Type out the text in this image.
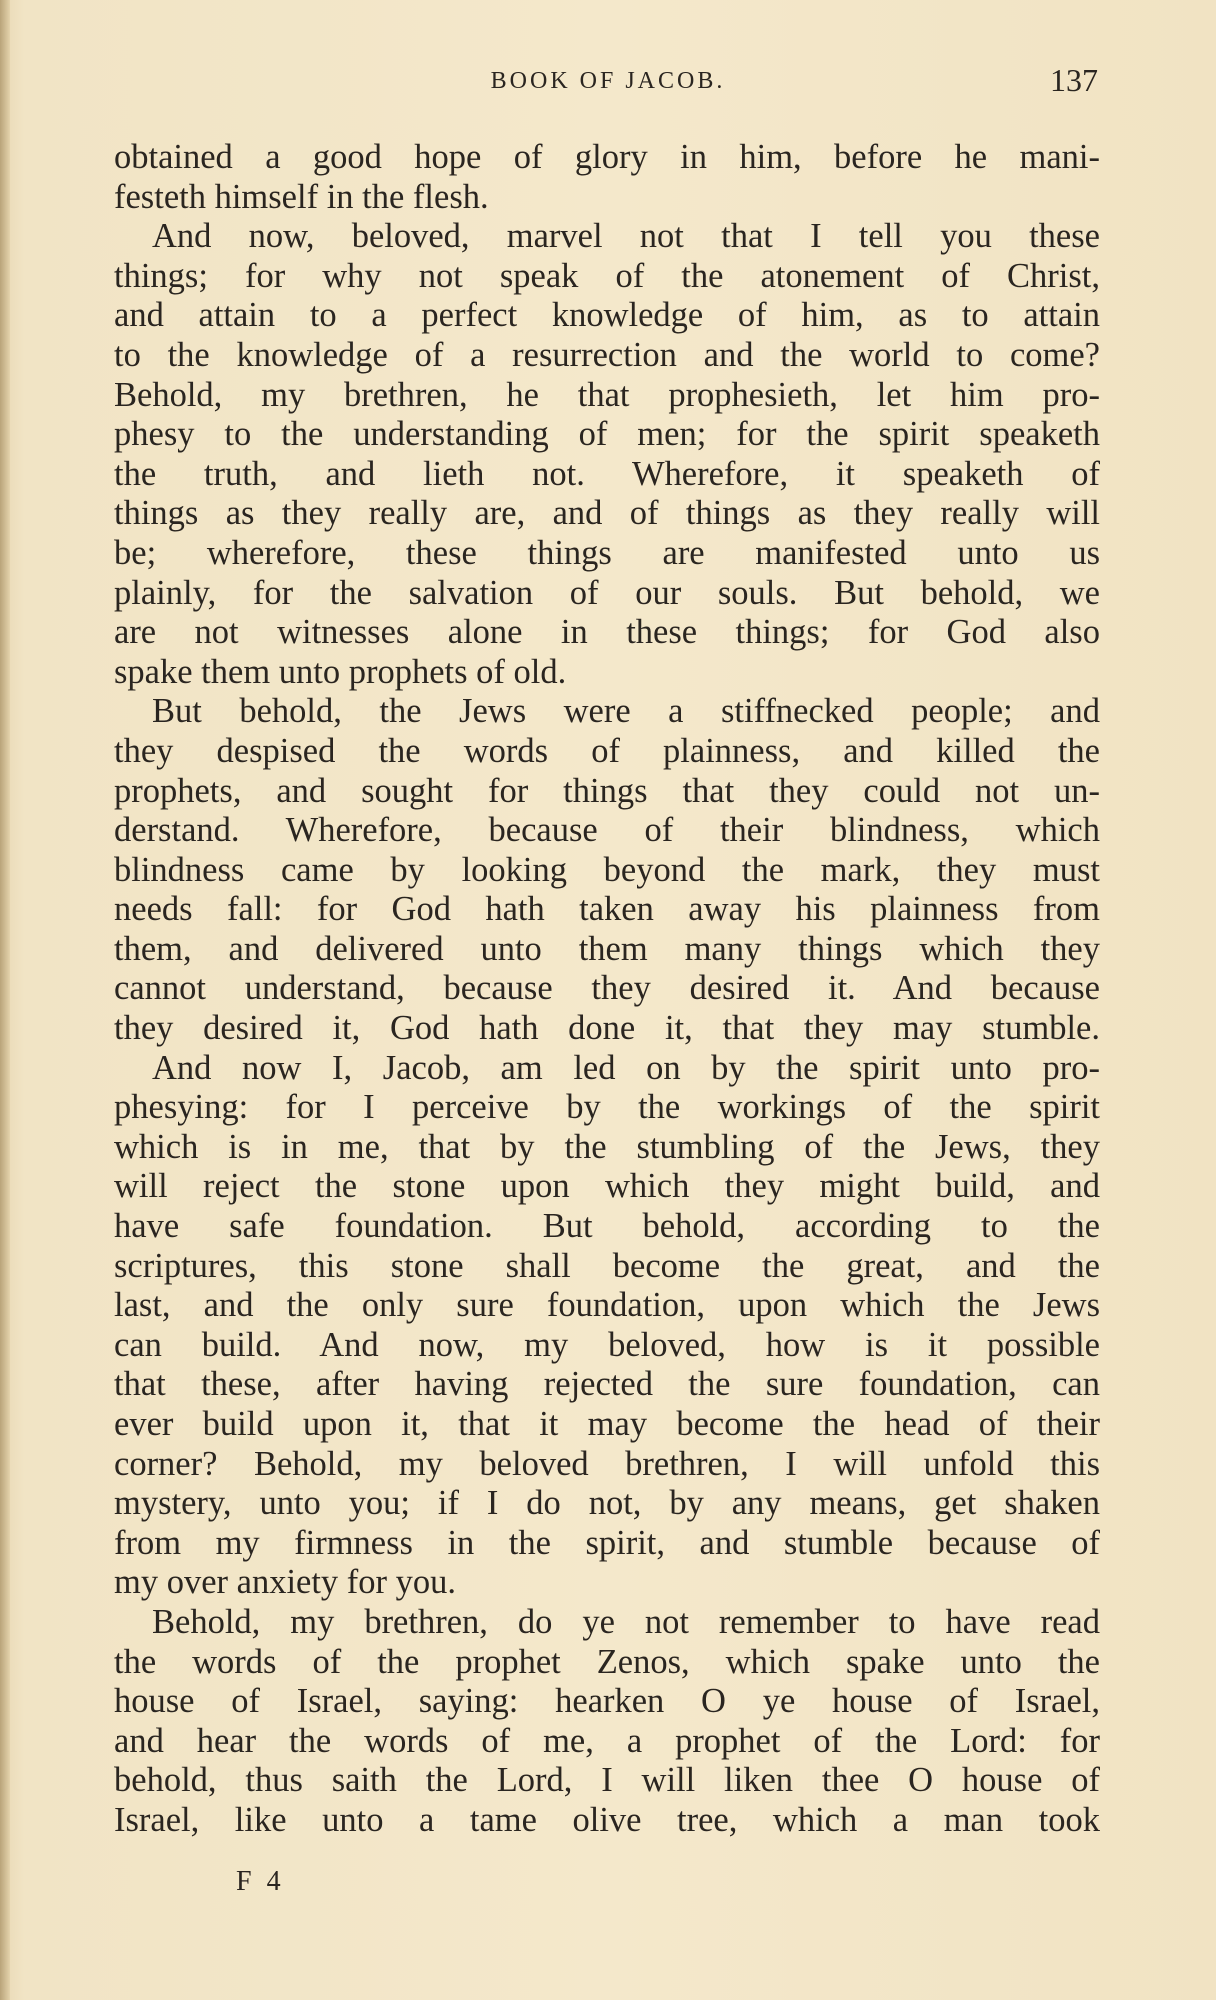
BOOK OF JACOB.	137
obtained a good hope of glory in him, before he mani-
festeth himself in the flesh.
And now, beloved, marvel not that I tell you these
things; for why not speak of the atonement of Christ,
and attain to a perfect knowledge of him, as to attain
to the knowledge of a resurrection and the world to come?
Behold, my brethren, he that prophesieth, let him pro-
phesy to the understanding of men; for the spirit speaketh
the truth, and lieth not. Wherefore, it speaketh of
things as they really are, and of things as they really will
be; wherefore, these things are manifested unto us
plainly, for the salvation of our souls. But behold, we
are not witnesses alone in these things; for God also
spake them unto prophets of old.
But behold, the Jews were a stiffnecked people; and
they despised the words of plainness, and killed the
prophets, and sought for things that they could not un-
derstand. Wherefore, because of their blindness, which
blindness came by looking beyond the mark, they must
needs fall: for God hath taken away his plainness from
them, and delivered unto them many things which they
cannot understand, because they desired it. And because
they desired it, God hath done it, that they may stumble.
And now I, Jacob, am led on by the spirit unto pro-
phesying: for I perceive by the workings of the spirit
which is in me, that by the stumbling of the Jews, they
will reject the stone upon which they might build, and
have safe foundation. But behold, according to the
scriptures, this stone shall become the great, and the
last, and the only sure foundation, upon which the Jews
can build. And now, my beloved, how is it possible
that these, after having rejected the sure foundation, can
ever build upon it, that it may become the head of their
corner? Behold, my beloved brethren, I will unfold this
mystery, unto you; if I do not, by any means, get shaken
from my firmness in the spirit, and stumble because of
my over anxiety for you.
Behold, my brethren, do ye not remember to have read
the words of the prophet Zenos, which spake unto the
house of Israel, saying: hearken O ye house of Israel,
and hear the words of me, a prophet of the Lord: for
behold, thus saith the Lord, I will liken thee O house of
Israel, like unto a tame olive tree, which a man took
F 4
